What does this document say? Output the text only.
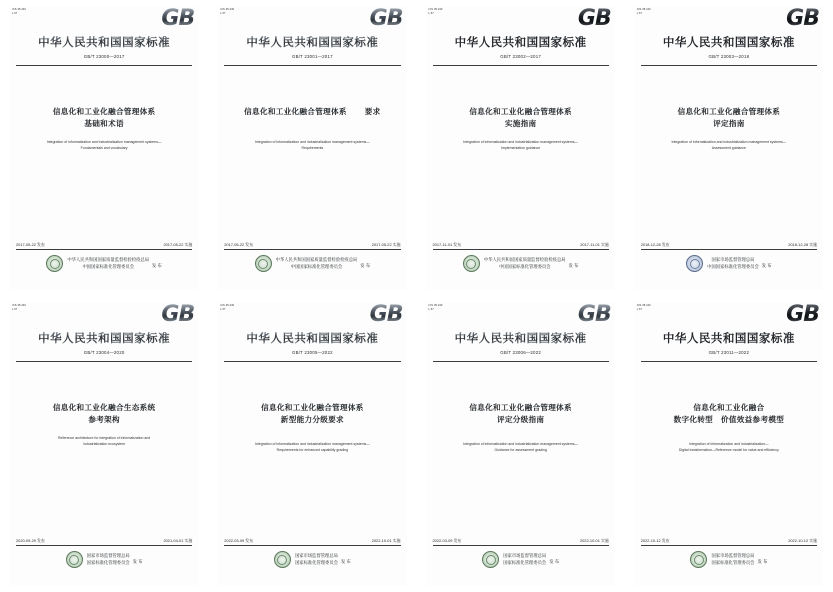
ICS 35.240
L 67	GB
中华人民共和国国家标准
GB/T 23000—2017
信息化和工业化融合管理体系
基础和术语
Integration of informatization and industrialization management systems—
Fundamentals and vocabulary
2017-05-22 发布	2017-05-22 实施
中华人民共和国国家质量监督检验检疫总局
中国国家标准化管理委员会	发 布
ICS 35.240
L 67	GB
中华人民共和国国家标准
GB/T 23001—2017
信息化和工业化融合管理体系 要求
Integration of informatization and industrialization management systems—
Requirements
2017-05-22 发布	2017-05-22 实施
中华人民共和国国家质量监督检验检疫总局
中国国家标准化管理委员会	发 布
ICS 35.240
L 67	GB
中华人民共和国国家标准
GB/T 23002—2017
信息化和工业化融合管理体系
实施指南
Integration of informatization and industrialization management systems—
Implementation guidance
2017-11-01 发布	2017-11-01 实施
中华人民共和国国家质量监督检验检疫总局
中国国家标准化管理委员会	发 布
ICS 35.240
L 67	GB
中华人民共和国国家标准
GB/T 23003—2018
信息化和工业化融合管理体系
评定指南
Integration of informatization and industrialization management systems—
Assessment guidance
2018-12-28 发布	2018-12-28 实施
国家市场监督管理总局
中国国家标准化管理委员会 发 布
ICS 35.240
L 67	GB
中华人民共和国国家标准
GB/T 23004—2020
信息化和工业化融合生态系统
参考架构
Reference architecture for integration of informatization and
industrialization ecosystem
2020-09-29 发布	2021-04-01 实施
国家市场监督管理总局
国家标准化管理委员会 发 布
ICS 35.240
L 67	GB
中华人民共和国国家标准
GB/T 23005—2022
信息化和工业化融合管理体系
新型能力分级要求
Integration of informatization and industrialization management systems—
Requirements for enhanced capability grading
2022-03-09 发布	2022-10-01 实施
国家市场监督管理总局
国家标准化管理委员会 发 布
ICS 35.240
L 67	GB
中华人民共和国国家标准
GB/T 23006—2022
信息化和工业化融合管理体系
评定分级指南
Integration of informatization and industrialization management systems—
Guidance for assessment grading
2022-03-09 发布	2022-10-01 实施
国家市场监督管理总局
国家标准化管理委员会 发 布
ICS 35.240
L 67	GB
中华人民共和国国家标准
GB/T 23011—2022
信息化和工业化融合
数字化转型　价值效益参考模型
Integration of informatization and industrialization—
Digital transformation—Reference model for value and efficiency
2022-10-12 发布	2022-10-12 实施
国家市场监督管理总局
国家标准化管理委员会 发 布
